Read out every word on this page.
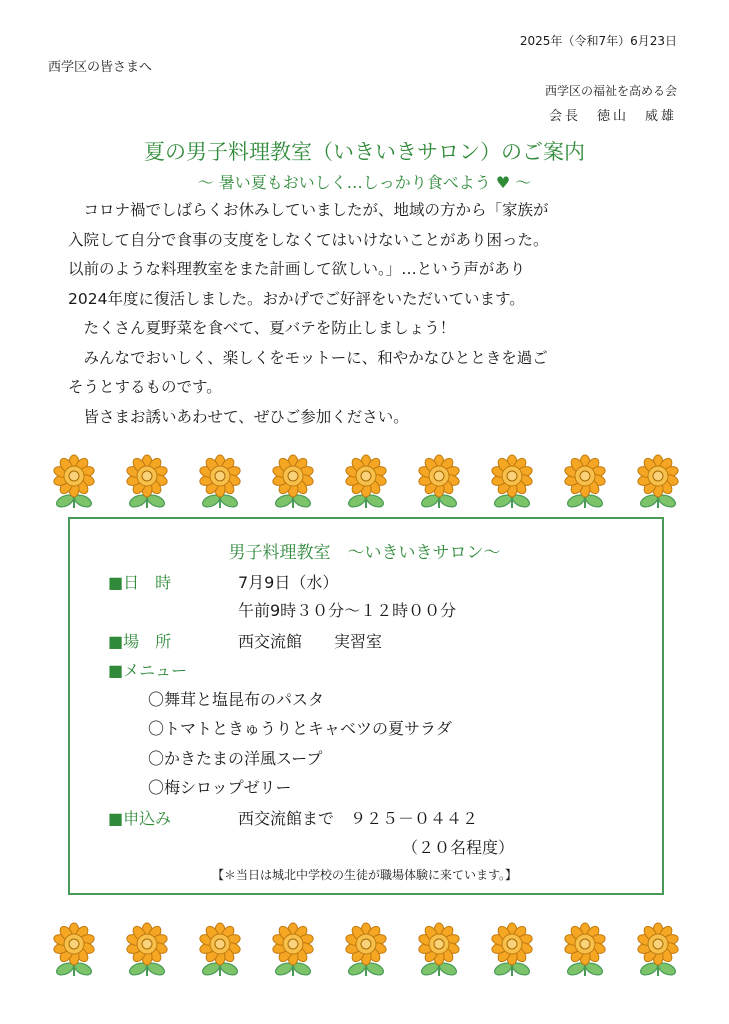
2025年（令和7年）6月23日
西学区の皆さまへ
西学区の福祉を高める会
会長　徳山　威雄
夏の男子料理教室（いきいきサロン）のご案内
～ 暑い夏もおいしく…しっかり食べよう ♥ ～

　コロナ禍でしばらくお休みしていましたが、地域の方から「家族が

入院して自分で食事の支度をしなくてはいけないことがあり困った。

以前のような料理教室をまた計画して欲しい。」…という声があり

2024年度に復活しました。おかげでご好評をいただいています。

　たくさん夏野菜を食べて、夏バテを防止しましょう！

　みんなでおいしく、楽しくをモットーに、和やかなひとときを過ご

そうとするものです。

　皆さまお誘いあわせて、ぜひご参加ください。

男子料理教室　～いきいきサロン～
■日　時	7月9日（水）
午前9時３０分～１２時００分
■場　所	西交流館　　実習室
■メニュー
〇舞茸と塩昆布のパスタ
〇トマトときゅうりとキャベツの夏サラダ
〇かきたまの洋風スープ
〇梅シロップゼリー
■申込み	西交流館まで　９２５－０４４２
（２０名程度）
【＊当日は城北中学校の生徒が職場体験に来ています。】
